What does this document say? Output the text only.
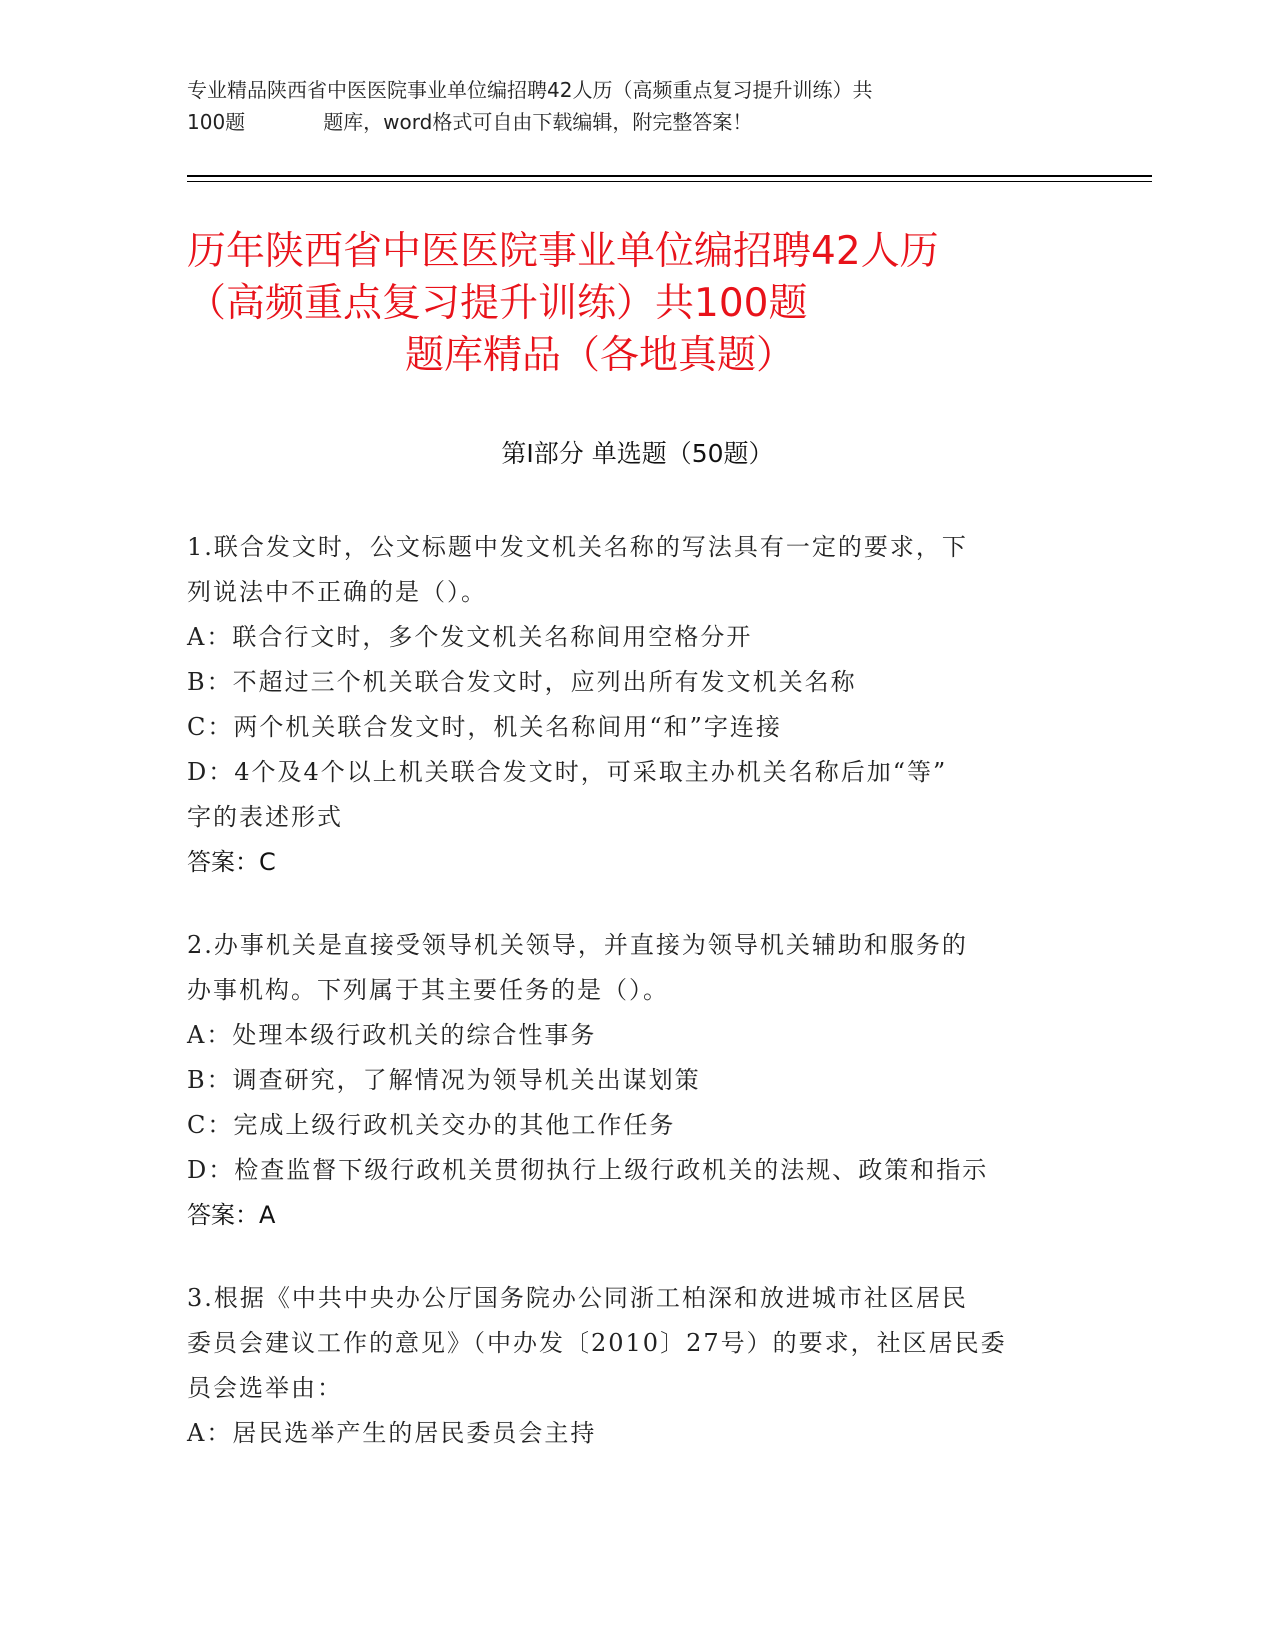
专业精品陕西省中医医院事业单位编招聘42人历（高频重点复习提升训练）共
100题	题库，word格式可自由下载编辑，附完整答案！
历年陕西省中医医院事业单位编招聘42人历
（高频重点复习提升训练）共100题
题库精品（各地真题）
第Ⅰ部分 单选题（50题）

1.联合发文时，公文标题中发文机关名称的写法具有一定的要求，下

列说法中不正确的是（）。

A：联合行文时，多个发文机关名称间用空格分开

B：不超过三个机关联合发文时，应列出所有发文机关名称

C：两个机关联合发文时，机关名称间用“和”字连接

D：4个及4个以上机关联合发文时，可采取主办机关名称后加“等”

字的表述形式

答案：C

2.办事机关是直接受领导机关领导，并直接为领导机关辅助和服务的

办事机构。下列属于其主要任务的是（）。

A：处理本级行政机关的综合性事务

B：调查研究，了解情况为领导机关出谋划策

C：完成上级行政机关交办的其他工作任务

D：检查监督下级行政机关贯彻执行上级行政机关的法规、政策和指示

答案：A

3.根据《中共中央办公厅国务院办公同浙工柏深和放进城市社区居民

委员会建议工作的意见》（中办发〔2010〕27号）的要求，社区居民委

员会选举由：

A：居民选举产生的居民委员会主持
